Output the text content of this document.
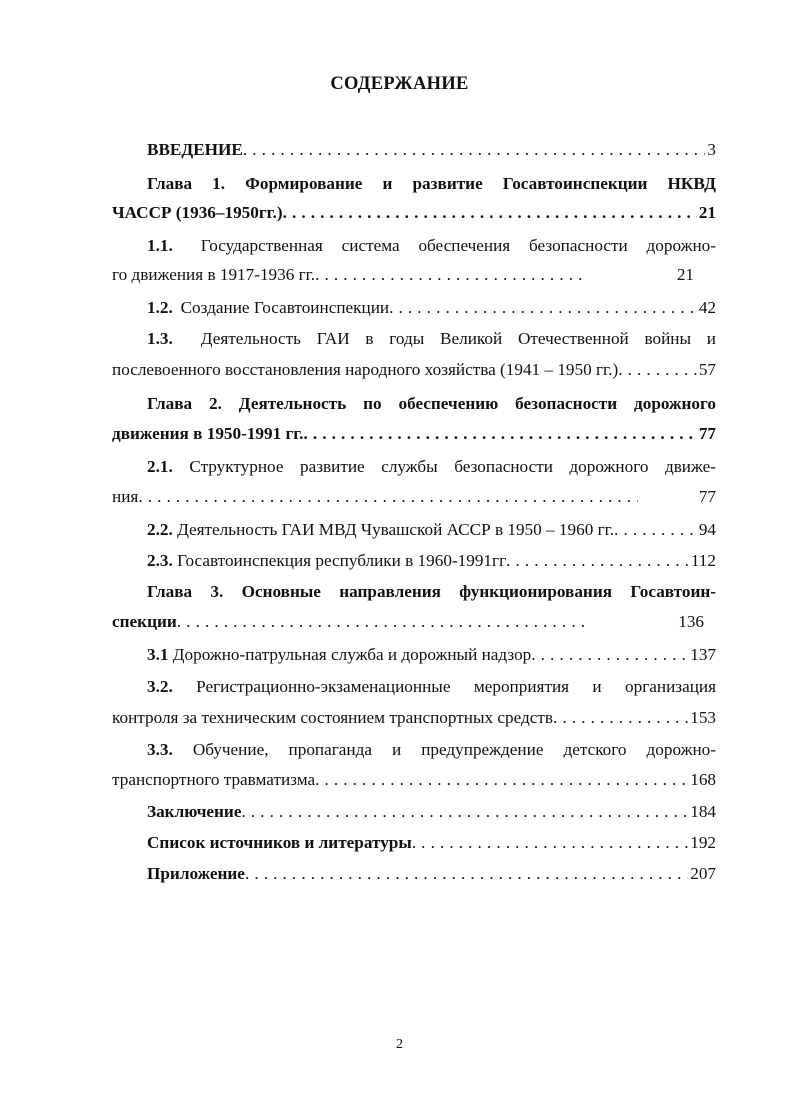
СОДЕРЖАНИЕ
ВВЕДЕНИЕ . . .	3
Глава 1. Формирование и развитие Госавтоинспекции НКВД
ЧАССР (1936–1950гг.) . . .	21
1.1. Государственная система обеспечения безопасности дорожно-
го движения в 1917-1936 гг. . . .	21
1.2. Создание Госавтоинспекции . . .	42
1.3. Деятельность ГАИ в годы Великой Отечественной войны и
послевоенного восстановления народного хозяйства (1941 – 1950 гг.) . . .	57
Глава 2. Деятельность по обеспечению безопасности дорожного
движения в 1950-1991 гг. . . .	77
2.1. Структурное развитие службы безопасности дорожного движе-
ния . . .	77
2.2.
Деятельность ГАИ МВД Чувашской АССР в 1950 – 1960 гг. . . .	94
2.3.
Госавтоинспекция республики в 1960-1991гг . . .	112
Глава 3. Основные направления функционирования Госавтоин-
спекции . . .	136
3.1
Дорожно-патрульная служба и дорожный надзор . . .	137
3.2. Регистрационно-экзаменационные мероприятия и организация
контроля за техническим состоянием транспортных средств . . .	153
3.3. Обучение, пропаганда и предупреждение детского дорожно-
транспортного травматизма . . .	168
Заключение . . .	184
Список источников и литературы . . .	192
Приложение . . .	207
2
